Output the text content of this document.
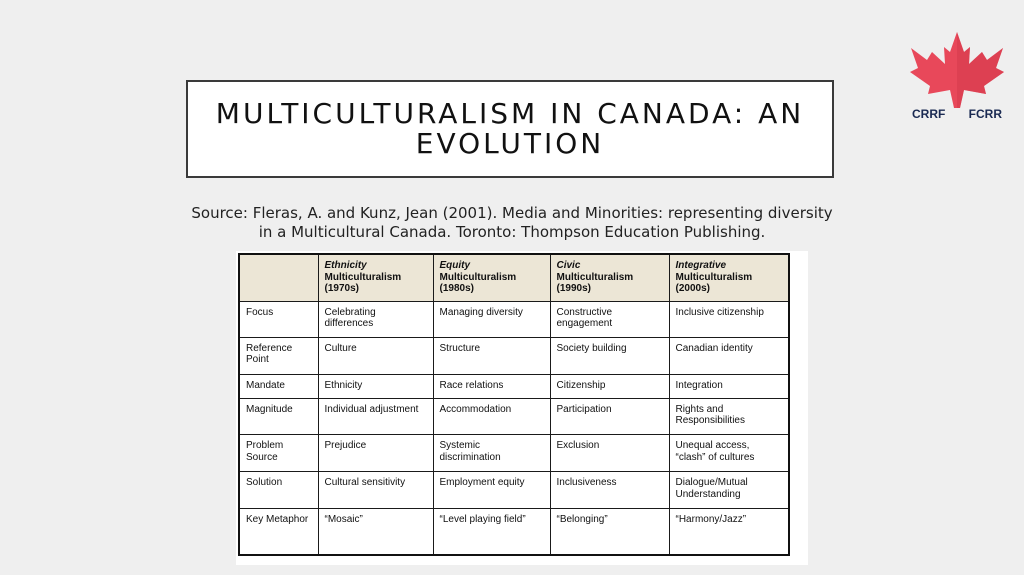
MULTICULTURALISM IN CANADA: AN EVOLUTION
CRRF FCRR
Source: Fleras, A. and Kunz, Jean (2001). Media and Minorities: representing diversity
in a Multicultural Canada. Toronto: Thompson Education Publishing.

	Ethnicity
Multiculturalism
(1970s)	Equity
Multiculturalism
(1980s)	Civic
Multiculturalism
(1990s)	Integrative
Multiculturalism
(2000s)

Focus	Celebrating differences	Managing diversity	Constructive engagement	Inclusive citizenship
Reference Point	Culture	Structure	Society building	Canadian identity
Mandate	Ethnicity	Race relations	Citizenship	Integration
Magnitude	Individual adjustment	Accommodation	Participation	Rights and Responsibilities
Problem Source	Prejudice	Systemic discrimination	Exclusion	Unequal access, “clash” of cultures
Solution	Cultural sensitivity	Employment equity	Inclusiveness	Dialogue/Mutual Understanding
Key Metaphor	“Mosaic”	“Level playing field”	“Belonging”	“Harmony/Jazz”
